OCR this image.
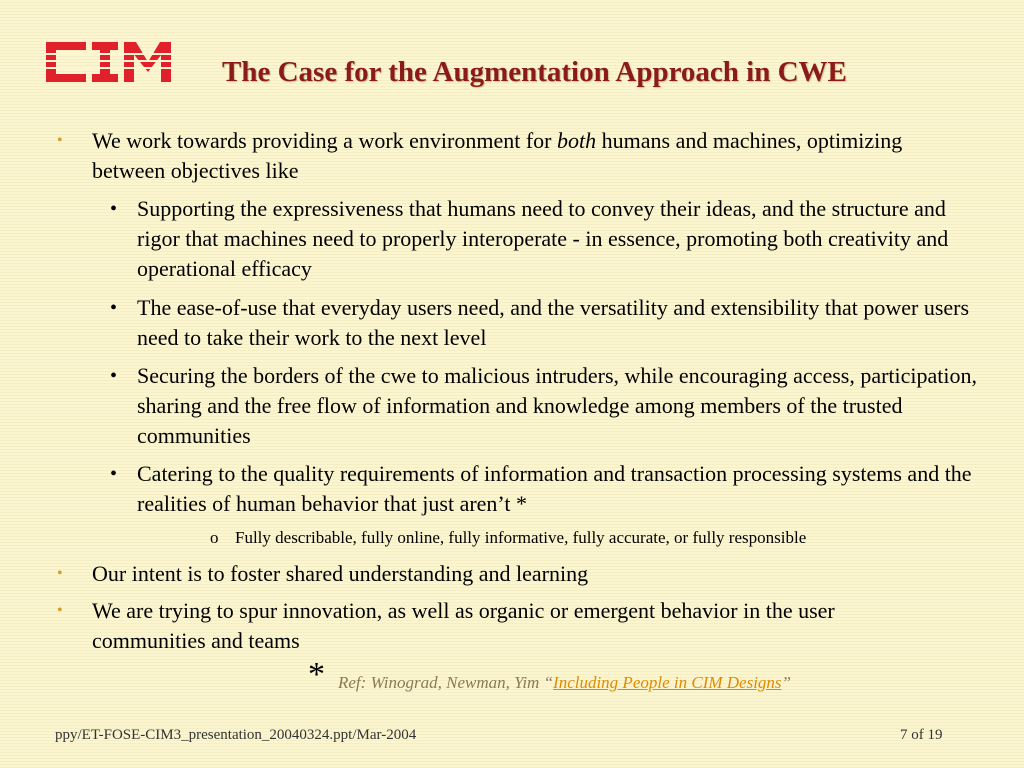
The Case for the Augmentation Approach in CWE
• We work towards providing a work environment for both humans and machines, optimizing between objectives like
• Supporting the expressiveness that humans need to convey their ideas, and the structure and rigor that machines need to properly interoperate - in essence, promoting both creativity and operational efficacy
• The ease-of-use that everyday users need, and the versatility and extensibility that power users need to take their work to the next level
• Securing the borders of the cwe to malicious intruders, while encouraging access, participation, sharing and the free flow of information and knowledge among members of the trusted communities
• Catering to the quality requirements of information and transaction processing systems and the realities of human behavior that just aren’t *
o Fully describable, fully online, fully informative, fully accurate, or fully responsible
• Our intent is to foster shared understanding and learning
• We are trying to spur innovation, as well as organic or emergent behavior in the user communities and teams
* Ref: Winograd, Newman, Yim “Including People in CIM Designs”
ppy/ET-FOSE-CIM3_presentation_20040324.ppt/Mar-2004	7 of 19
